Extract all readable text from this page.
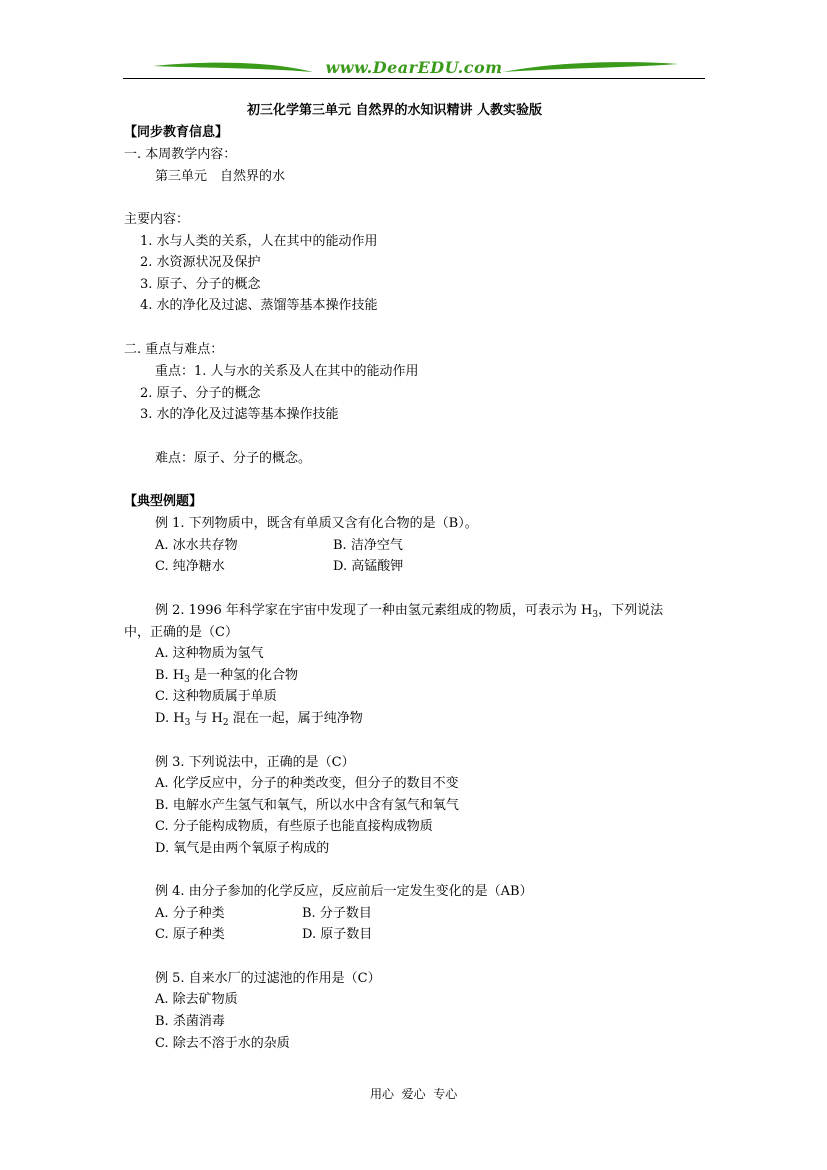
www.DearEDU.com
初三化学第三单元 自然界的水知识精讲 人教实验版
【同步教育信息】
一. 本周教学内容：
第三单元　自然界的水
主要内容：
1. 水与人类的关系，人在其中的能动作用
2. 水资源状况及保护
3. 原子、分子的概念
4. 水的净化及过滤、蒸馏等基本操作技能
二. 重点与难点：
重点：1. 人与水的关系及人在其中的能动作用
2. 原子、分子的概念
3. 水的净化及过滤等基本操作技能
难点：原子、分子的概念。
【典型例题】
例 1. 下列物质中，既含有单质又含有化合物的是（B）。
A. 冰水共存物	B. 洁净空气
C. 纯净糖水	D. 高锰酸钾
例 2. 1996 年科学家在宇宙中发现了一种由氢元素组成的物质，可表示为 $H_3$，下列说法
中，正确的是（C）
A. 这种物质为氢气
B. $H_3$ 是一种氢的化合物
C. 这种物质属于单质
D. $H_3$ 与 $H_2$ 混在一起，属于纯净物
例 3. 下列说法中，正确的是（C）
A. 化学反应中，分子的种类改变，但分子的数目不变
B. 电解水产生氢气和氧气，所以水中含有氢气和氧气
C. 分子能构成物质，有些原子也能直接构成物质
D. 氧气是由两个氧原子构成的
例 4. 由分子参加的化学反应，反应前后一定发生变化的是（AB）
A. 分子种类	B. 分子数目
C. 原子种类	D. 原子数目
例 5. 自来水厂的过滤池的作用是（C）
A. 除去矿物质
B. 杀菌消毒
C. 除去不溶于水的杂质
用心  爱心  专心
